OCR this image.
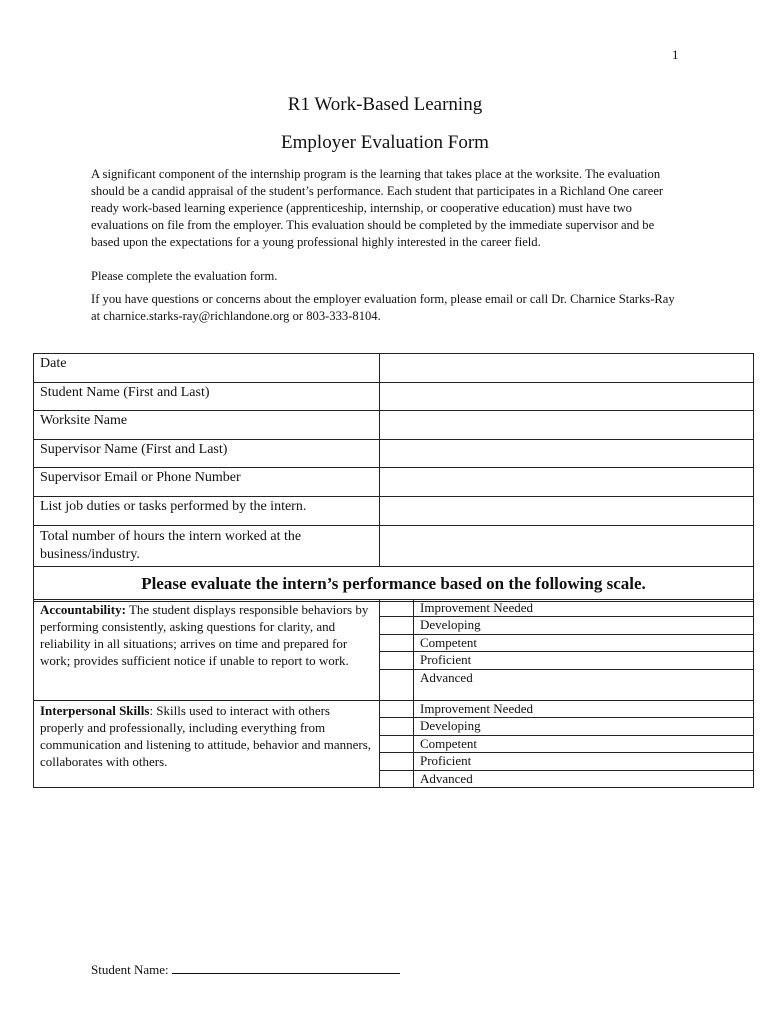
1
R1 Work-Based Learning
Employer Evaluation Form

A significant component of the internship program is the learning that takes place at the worksite. The evaluation should be a candid appraisal of the student’s performance. Each student that participates in a Richland One career ready work-based learning experience (apprenticeship, internship, or cooperative education) must have two evaluations on file from the employer. This evaluation should be completed by the immediate supervisor and be based upon the expectations for a young professional highly interested in the career field.

Please complete the evaluation form.

If you have questions or concerns about the employer evaluation form, please email or call Dr. Charnice Starks-Ray at charnice.starks-ray@richlandone.org or 803-333-8104.

Date	
Student Name (First and Last)	
Worksite Name	
Supervisor Name (First and Last)	
Supervisor Email or Phone Number	
List job duties or tasks performed by the intern.	
Total number of hours the intern worked at the business/industry.	
Please evaluate the intern’s performance based on the following scale.	
Accountability: The student displays responsible behaviors by performing consistently, asking questions for clarity, and reliability in all situations; arrives on time and prepared for work; provides sufficient notice if unable to report to work.		Improvement Needed
		Developing
		Competent
		Proficient
		Advanced
Interpersonal Skills: Skills used to interact with others properly and professionally, including everything from communication and listening to attitude, behavior and manners, collaborates with others.		Improvement Needed
		Developing
		Competent
		Proficient
		Advanced
Student Name:
